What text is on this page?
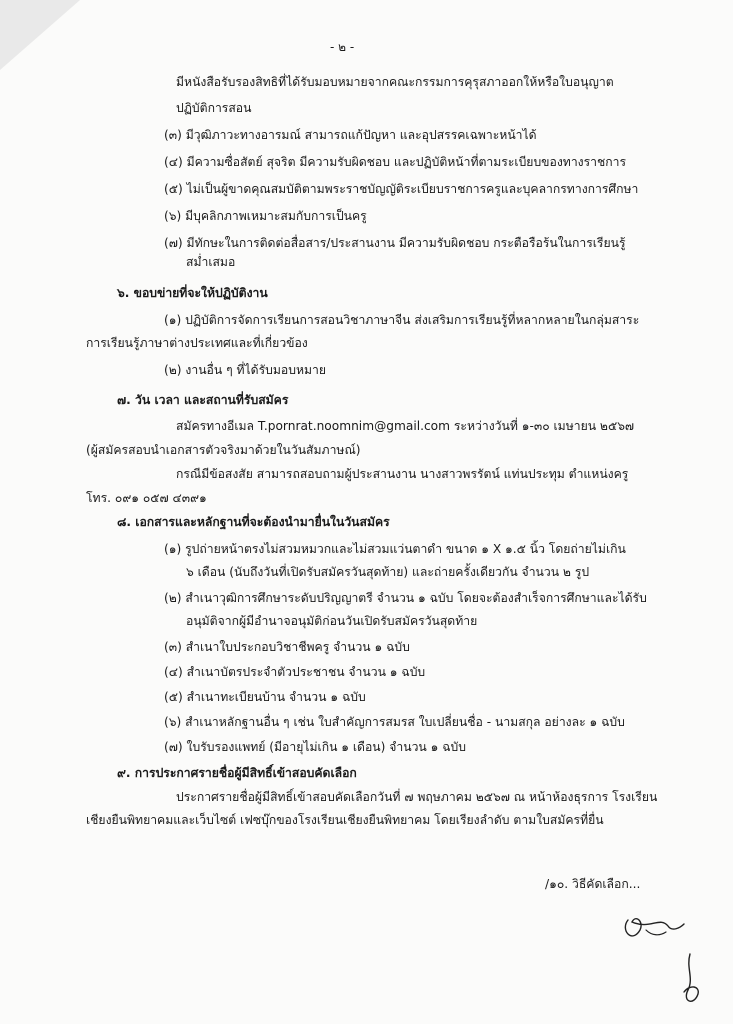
- ๒ -
มีหนังสือรับรองสิทธิที่ได้รับมอบหมายจากคณะกรรมการคุรุสภาออกให้หรือใบอนุญาต
ปฏิบัติการสอน
(๓) มีวุฒิภาวะทางอารมณ์ สามารถแก้ปัญหา และอุปสรรคเฉพาะหน้าได้
(๔) มีความซื่อสัตย์ สุจริต มีความรับผิดชอบ และปฏิบัติหน้าที่ตามระเบียบของทางราชการ
(๕) ไม่เป็นผู้ขาดคุณสมบัติตามพระราชบัญญัติระเบียบราชการครูและบุคลากรทางการศึกษา
(๖) มีบุคลิกภาพเหมาะสมกับการเป็นครู
(๗) มีทักษะในการติดต่อสื่อสาร/ประสานงาน มีความรับผิดชอบ กระตือรือร้นในการเรียนรู้
สม่ำเสมอ
๖. ขอบข่ายที่จะให้ปฏิบัติงาน
(๑) ปฏิบัติการจัดการเรียนการสอนวิชาภาษาจีน ส่งเสริมการเรียนรู้ที่หลากหลายในกลุ่มสาระ
การเรียนรู้ภาษาต่างประเทศและที่เกี่ยวข้อง
(๒) งานอื่น ๆ ที่ได้รับมอบหมาย
๗. วัน เวลา และสถานที่รับสมัคร
สมัครทางอีเมล T.pornrat.noomnim@gmail.com ระหว่างวันที่ ๑-๓๐ เมษายน ๒๕๖๗
(ผู้สมัครสอบนำเอกสารตัวจริงมาด้วยในวันสัมภาษณ์)
กรณีมีข้อสงสัย สามารถสอบถามผู้ประสานงาน นางสาวพรรัตน์ แท่นประทุม ตำแหน่งครู
โทร. ๐๙๑ ๐๕๗ ๔๓๙๑
๘. เอกสารและหลักฐานที่จะต้องนำมายื่นในวันสมัคร
(๑) รูปถ่ายหน้าตรงไม่สวมหมวกและไม่สวมแว่นตาดำ ขนาด ๑ X ๑.๕ นิ้ว โดยถ่ายไม่เกิน
๖ เดือน (นับถึงวันที่เปิดรับสมัครวันสุดท้าย) และถ่ายครั้งเดียวกัน จำนวน ๒ รูป
(๒) สำเนาวุฒิการศึกษาระดับปริญญาตรี จำนวน ๑ ฉบับ โดยจะต้องสำเร็จการศึกษาและได้รับ
อนุมัติจากผู้มีอำนาจอนุมัติก่อนวันเปิดรับสมัครวันสุดท้าย
(๓) สำเนาใบประกอบวิชาชีพครู จำนวน ๑ ฉบับ
(๔) สำเนาบัตรประจำตัวประชาชน จำนวน ๑ ฉบับ
(๕) สำเนาทะเบียนบ้าน จำนวน ๑ ฉบับ
(๖) สำเนาหลักฐานอื่น ๆ เช่น ใบสำคัญการสมรส ใบเปลี่ยนชื่อ - นามสกุล อย่างละ ๑ ฉบับ
(๗) ใบรับรองแพทย์ (มีอายุไม่เกิน ๑ เดือน) จำนวน ๑ ฉบับ
๙. การประกาศรายชื่อผู้มีสิทธิ์เข้าสอบคัดเลือก
ประกาศรายชื่อผู้มีสิทธิ์เข้าสอบคัดเลือกวันที่ ๗ พฤษภาคม ๒๕๖๗ ณ หน้าห้องธุรการ โรงเรียน
เชียงยืนพิทยาคมและเว็บไซต์ เฟซบุ๊กของโรงเรียนเชียงยืนพิทยาคม โดยเรียงลำดับ ตามใบสมัครที่ยื่น
/๑๐. วิธีคัดเลือก...
